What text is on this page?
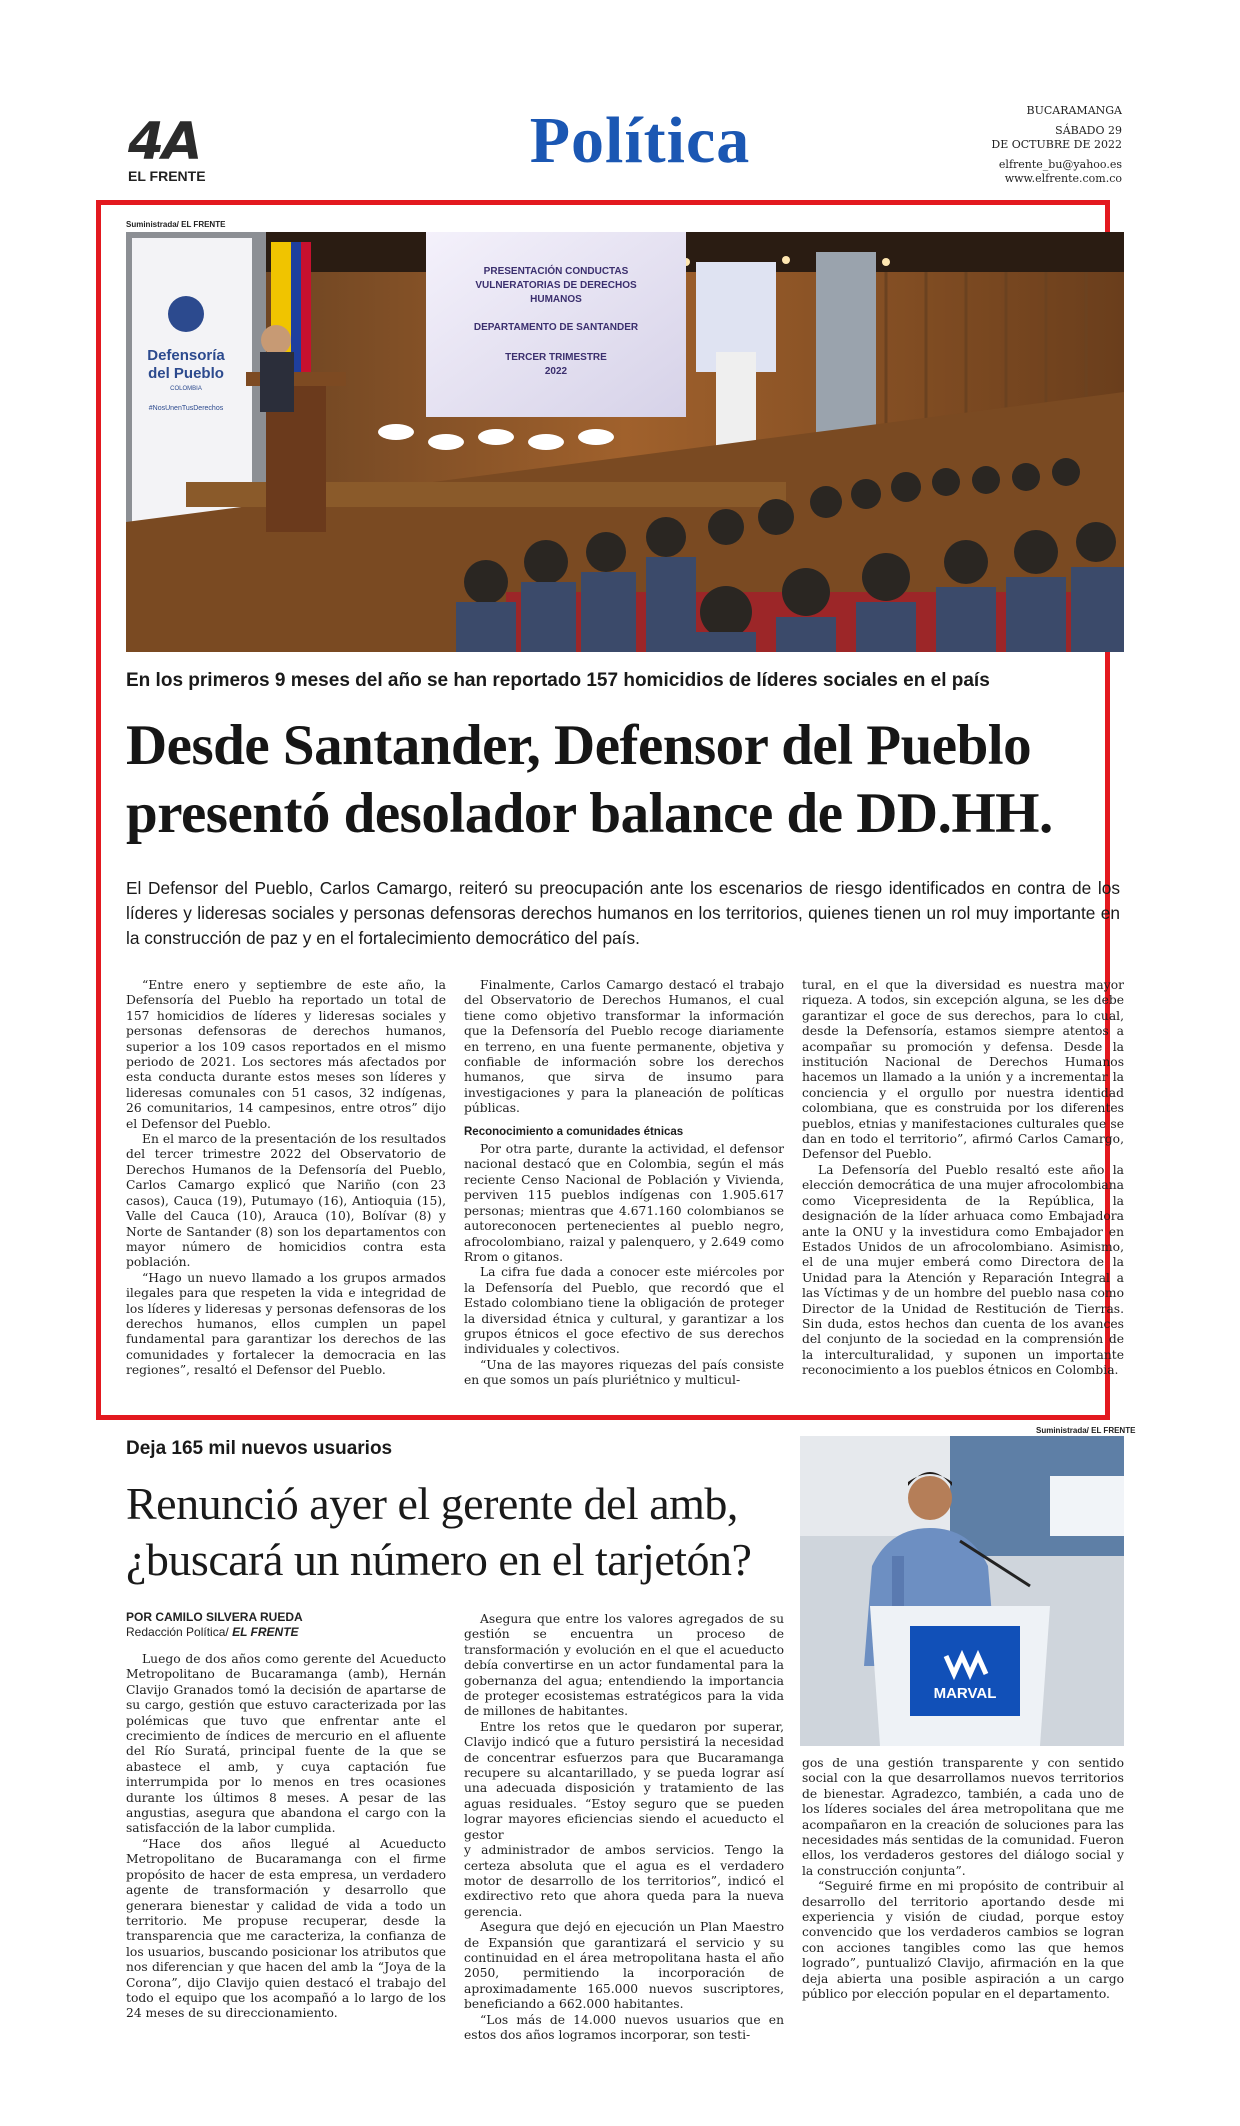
4A
EL FRENTE	Política	BUCARAMANGA
SÁBADO 29
DE OCTUBRE DE 2022
elfrente_bu@yahoo.es
www.elfrente.com.co
Suministrada/ EL FRENTE
Defensoría
del Pueblo
COLOMBIA
#NosUnenTusDerechos
PRESENTACIÓN CONDUCTAS
VULNERATORIAS DE DERECHOS
HUMANOS
DEPARTAMENTO DE SANTANDER
TERCER TRIMESTRE
2022
En los primeros 9 meses del año se han reportado 157 homicidios de líderes sociales en el país
Desde Santander, Defensor del Pueblo presentó desolador balance de DD.HH.
El Defensor del Pueblo, Carlos Camargo, reiteró su preocupación ante los escenarios de riesgo identificados en contra de los líderes y lideresas sociales y personas defensoras derechos humanos en los territorios, quienes tienen un rol muy importante en la construcción de paz y en el fortalecimiento democrático del país.

“Entre enero y septiembre de este año, la Defensoría del Pueblo ha reportado un total de 157 homicidios de líderes y lideresas sociales y personas defensoras de derechos humanos, superior a los 109 casos reportados en el mismo periodo de 2021. Los sectores más afectados por esta conducta durante estos meses son líderes y lideresas comunales con 51 casos, 32 indígenas, 26 comunitarios, 14 campesinos, entre otros” dijo el Defensor del Pueblo.

En el marco de la presentación de los resultados del tercer trimestre 2022 del Observatorio de Derechos Humanos de la Defensoría del Pueblo, Carlos Camargo explicó que Nariño (con 23 casos), Cauca (19), Putumayo (16), Antioquia (15), Valle del Cauca (10), Arauca (10), Bolívar (8) y Norte de Santander (8) son los departamentos con mayor número de homicidios contra esta población.

“Hago un nuevo llamado a los grupos armados ilegales para que respeten la vida e integridad de los líderes y lideresas y personas defensoras de los derechos humanos, ellos cumplen un papel fundamental para garantizar los derechos de las comunidades y fortalecer la democracia en las regiones”, resaltó el Defensor del Pueblo.

Finalmente, Carlos Camargo destacó el trabajo del Observatorio de Derechos Humanos, el cual tiene como objetivo transformar la información que la Defensoría del Pueblo recoge diariamente en terreno, en una fuente permanente, objetiva y confiable de información sobre los derechos humanos, que sirva de insumo para investigaciones y para la planeación de políticas públicas.

Reconocimiento a comunidades étnicas

Por otra parte, durante la actividad, el defensor nacional destacó que en Colombia, según el más reciente Censo Nacional de Población y Vivienda, perviven 115 pueblos indígenas con 1.905.617 personas; mientras que 4.671.160 colombianos se autoreconocen pertenecientes al pueblo negro, afrocolombiano, raizal y palenquero, y 2.649 como Rrom o gitanos.

La cifra fue dada a conocer este miércoles por la Defensoría del Pueblo, que recordó que el Estado colombiano tiene la obligación de proteger la diversidad étnica y cultural, y garantizar a los grupos étnicos el goce efectivo de sus derechos individuales y colectivos.

“Una de las mayores riquezas del país consiste en que somos un país pluriétnico y multicul-

tural, en el que la diversidad es nuestra mayor riqueza. A todos, sin excepción alguna, se les debe garantizar el goce de sus derechos, para lo cual, desde la Defensoría, estamos siempre atentos a acompañar su promoción y defensa. Desde la institución Nacional de Derechos Humanos hacemos un llamado a la unión y a incrementar la conciencia y el orgullo por nuestra identidad colombiana, que es construida por los diferentes pueblos, etnias y manifestaciones culturales que se dan en todo el territorio”, afirmó Carlos Camargo, Defensor del Pueblo.

La Defensoría del Pueblo resaltó este año la elección democrática de una mujer afrocolombiana como Vicepresidenta de la República, la designación de la líder arhuaca como Embajadora ante la ONU y la investidura como Embajador en Estados Unidos de un afrocolombiano. Asimismo, el de una mujer emberá como Directora de la Unidad para la Atención y Reparación Integral a las Víctimas y de un hombre del pueblo nasa como Director de la Unidad de Restitución de Tierras. Sin duda, estos hechos dan cuenta de los avances del conjunto de la sociedad en la comprensión de la interculturalidad, y suponen un importante reconocimiento a los pueblos étnicos en Colombia.

Deja 165 mil nuevos usuarios
Renunció ayer el gerente del amb, ¿buscará un número en el tarjetón?
POR CAMILO SILVERA RUEDA
Redacción Política/ EL FRENTE
Suministrada/ EL FRENTE
MARVAL

Luego de dos años como gerente del Acueducto Metropolitano de Bucaramanga (amb), Hernán Clavijo Granados tomó la decisión de apartarse de su cargo, gestión que estuvo caracterizada por las polémicas que tuvo que enfrentar ante el crecimiento de índices de mercurio en el afluente del Río Suratá, principal fuente de la que se abastece el amb, y cuya captación fue interrumpida por lo menos en tres ocasiones durante los últimos 8 meses. A pesar de las angustias, asegura que abandona el cargo con la satisfacción de la labor cumplida.

“Hace dos años llegué al Acueducto Metropolitano de Bucaramanga con el firme propósito de hacer de esta empresa, un verdadero agente de transformación y desarrollo que generara bienestar y calidad de vida a todo un territorio. Me propuse recuperar, desde la transparencia que me caracteriza, la confianza de los usuarios, buscando posicionar los atributos que nos diferencian y que hacen del amb la “Joya de la Corona”, dijo Clavijo quien destacó el trabajo del todo el equipo que los acompañó a lo largo de los 24 meses de su direccionamiento.

Asegura que entre los valores agregados de su gestión se encuentra un proceso de transformación y evolución en el que el acueducto debía convertirse en un actor fundamental para la gobernanza del agua; entendiendo la importancia de proteger ecosistemas estratégicos para la vida de millones de habitantes.

Entre los retos que le quedaron por superar, Clavijo indicó que a futuro persistirá la necesidad de concentrar esfuerzos para que Bucaramanga recupere su alcantarillado, y se pueda lograr así una adecuada disposición y tratamiento de las aguas residuales. “Estoy seguro que se pueden lograr mayores eficiencias siendo el acueducto el gestor

y administrador de ambos servicios. Tengo la certeza absoluta que el agua es el verdadero motor de desarrollo de los territorios”, indicó el exdirectivo reto que ahora queda para la nueva gerencia.

Asegura que dejó en ejecución un Plan Maestro de Expansión que garantizará el servicio y su continuidad en el área metropolitana hasta el año 2050, permitiendo la incorporación de aproximadamente 165.000 nuevos suscriptores, beneficiando a 662.000 habitantes.

“Los más de 14.000 nuevos usuarios que en estos dos años logramos incorporar, son testi-

gos de una gestión transparente y con sentido social con la que desarrollamos nuevos territorios de bienestar. Agradezco, también, a cada uno de los líderes sociales del área metropolitana que me acompañaron en la creación de soluciones para las necesidades más sentidas de la comunidad. Fueron ellos, los verdaderos gestores del diálogo social y la construcción conjunta”.

“Seguiré firme en mi propósito de contribuir al desarrollo del territorio aportando desde mi experiencia y visión de ciudad, porque estoy convencido que los verdaderos cambios se logran con acciones tangibles como las que hemos logrado”, puntualizó Clavijo, afirmación en la que deja abierta una posible aspiración a un cargo público por elección popular en el departamento.
